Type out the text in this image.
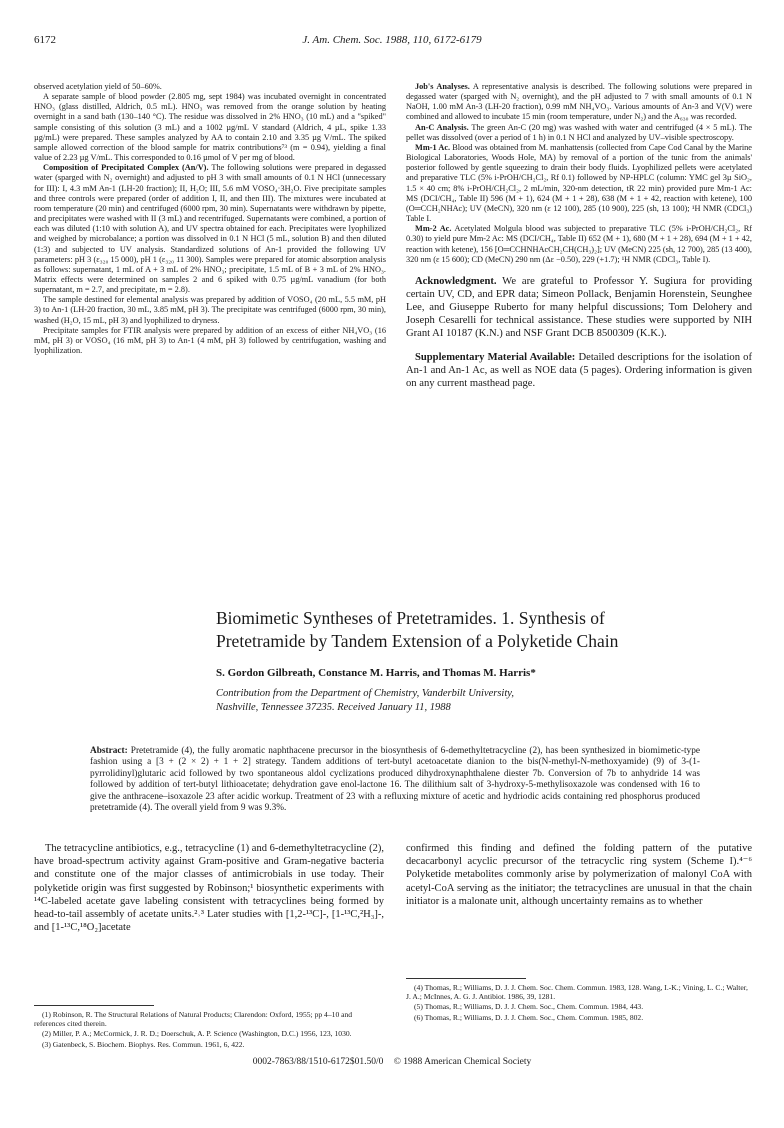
6172	J. Am. Chem. Soc. 1988, 110, 6172-6179

observed acetylation yield of 50–60%.

A separate sample of blood powder (2.805 mg, sept 1984) was incubated overnight in concentrated HNO₃ (glass distilled, Aldrich, 0.5 mL). HNO₃ was removed from the orange solution by heating overnight in a sand bath (130–140 °C). The residue was dissolved in 2% HNO₃ (10 mL) and a "spiked" sample consisting of this solution (3 mL) and a 1002 µg/mL V standard (Aldrich, 4 µL, spike 1.33 µg/mL) were prepared. These samples analyzed by AA to contain 2.10 and 3.35 µg V/mL. The spiked sample allowed correction of the blood sample for matrix contributions⁷³ (m = 0.94), yielding a final value of 2.23 µg V/mL. This corresponded to 0.16 µmol of V per mg of blood.

Composition of Precipitated Complex (An/V). The following solutions were prepared in degassed water (sparged with N₂ overnight) and adjusted to pH 3 with small amounts of 0.1 N HCl (unnecessary for III): I, 4.3 mM An-1 (LH-20 fraction); II, H₂O; III, 5.6 mM VOSO₄·3H₂O. Five precipitate samples and three controls were prepared (order of addition I, II, and then III). The mixtures were incubated at room temperature (20 min) and centrifuged (6000 rpm, 30 min). Supernatants were withdrawn by pipette, and precipitates were washed with II (3 mL) and recentrifuged. Supernatants were combined, a portion of each was diluted (1:10 with solution A), and UV spectra obtained for each. Precipitates were lyophilized and weighed by microbalance; a portion was dissolved in 0.1 N HCl (5 mL, solution B) and then diluted (1:3) and subjected to UV analysis. Standardized solutions of An-1 provided the following UV parameters: pH 3 (ε₃₂₀ 15 000), pH 1 (ε₃₂₀ 11 300). Samples were prepared for atomic absorption analysis as follows: supernatant, 1 mL of A + 3 mL of 2% HNO₃; precipitate, 1.5 mL of B + 3 mL of 2% HNO₃. Matrix effects were determined on samples 2 and 6 spiked with 0.75 µg/mL vanadium (for both supernatant, m = 2.7, and precipitate, m = 2.8).

The sample destined for elemental analysis was prepared by addition of VOSO₄ (20 mL, 5.5 mM, pH 3) to An-1 (LH-20 fraction, 30 mL, 3.85 mM, pH 3). The precipitate was centrifuged (6000 rpm, 30 min), washed (H₂O, 15 mL, pH 3) and lyophilized to dryness.

Precipitate samples for FTIR analysis were prepared by addition of an excess of either NH₄VO₃ (16 mM, pH 3) or VOSO₄ (16 mM, pH 3) to An-1 (4 mM, pH 3) followed by centrifugation, washing and lyophilization.

Job's Analyses. A representative analysis is described. The following solutions were prepared in degassed water (sparged with N₂ overnight), and the pH adjusted to 7 with small amounts of 0.1 N NaOH, 1.00 mM An-3 (LH-20 fraction), 0.99 mM NH₄VO₃. Various amounts of An-3 and V(V) were combined and allowed to incubate 15 min (room temperature, under N₂) and the A₆₃₀ was recorded.

An-C Analysis. The green An-C (20 mg) was washed with water and centrifuged (4 × 5 mL). The pellet was dissolved (over a period of 1 h) in 0.1 N HCl and analyzed by UV–visible spectroscopy.

Mm-1 Ac. Blood was obtained from M. manhattensis (collected from Cape Cod Canal by the Marine Biological Laboratories, Woods Hole, MA) by removal of a portion of the tunic from the animals' posterior followed by gentle squeezing to drain their body fluids. Lyophilized pellets were acetylated and preparative TLC (5% i-PrOH/CH₂Cl₂, Rf 0.1) followed by NP-HPLC (column: YMC gel 3µ SiO₂, 1.5 × 40 cm; 8% i-PrOH/CH₂Cl₂, 2 mL/min, 320-nm detection, tR 22 min) provided pure Mm-1 Ac: MS (DCI/CH₄, Table II) 596 (M + 1), 624 (M + 1 + 28), 638 (M + 1 + 42, reaction with ketene), 100 (O═CCH₂NHAc); UV (MeCN), 320 nm (ε 12 100), 285 (10 900), 225 (sh, 13 100); ¹H NMR (CDCl₃) Table I.

Mm-2 Ac. Acetylated Molgula blood was subjected to preparative TLC (5% i-PrOH/CH₂Cl₂, Rf 0.30) to yield pure Mm-2 Ac: MS (DCI/CH₄, Table II) 652 (M + 1), 680 (M + 1 + 28), 694 (M + 1 + 42, reaction with ketene), 156 [O═CCHNHAcCH₂CH(CH₃)₂]; UV (MeCN) 225 (sh, 12 700), 285 (13 400), 320 nm (ε 15 600); CD (MeCN) 290 nm (Δε −0.50), 229 (+1.7); ¹H NMR (CDCl₃, Table I).

Acknowledgment. We are grateful to Professor Y. Sugiura for providing certain UV, CD, and EPR data; Simeon Pollack, Benjamin Horenstein, Seunghee Lee, and Giuseppe Ruberto for many helpful discussions; Tom Delohery and Joseph Cesarelli for technical assistance. These studies were supported by NIH Grant AI 10187 (K.N.) and NSF Grant DCB 8500309 (K.K.).

Supplementary Material Available: Detailed descriptions for the isolation of An-1 and An-1 Ac, as well as NOE data (5 pages). Ordering information is given on any current masthead page.

Biomimetic Syntheses of Pretetramides. 1. Synthesis of
Pretetramide by Tandem Extension of a Polyketide Chain
S. Gordon Gilbreath, Constance M. Harris, and Thomas M. Harris*
Contribution from the Department of Chemistry, Vanderbilt University,
Nashville, Tennessee 37235. Received January 11, 1988
Abstract: Pretetramide (4), the fully aromatic naphthacene precursor in the biosynthesis of 6-demethyltetracycline (2), has been synthesized in biomimetic-type fashion using a [3 + (2 × 2) + 1 + 2] strategy. Tandem additions of tert-butyl acetoacetate dianion to the bis(N-methyl-N-methoxyamide) (9) of 3-(1-pyrrolidinyl)glutaric acid followed by two spontaneous aldol cyclizations produced dihydroxynaphthalene diester 7b. Conversion of 7b to anhydride 14 was followed by addition of tert-butyl lithioacetate; dehydration gave enol-lactone 16. The dilithium salt of 3-hydroxy-5-methylisoxazole was condensed with 16 to give the anthracene–isoxazole 23 after acidic workup. Treatment of 23 with a refluxing mixture of acetic and hydriodic acids containing red phosphorus produced pretetramide (4). The overall yield from 9 was 9.3%.

The tetracycline antibiotics, e.g., tetracycline (1) and 6-demethyltetracycline (2), have broad-spectrum activity against Gram-positive and Gram-negative bacteria and constitute one of the major classes of antimicrobials in use today. Their polyketide origin was first suggested by Robinson;¹ biosynthetic experiments with ¹⁴C-labeled acetate gave labeling consistent with tetracyclines being formed by head-to-tail assembly of acetate units.²˒³ Later studies with [1,2-¹³C]-, [1-¹³C,²H₃]-, and [1-¹³C,¹⁸O₂]acetate

confirmed this finding and defined the folding pattern of the putative decacarbonyl acyclic precursor of the tetracyclic ring system (Scheme I).⁴⁻⁶ Polyketide metabolites commonly arise by polymerization of malonyl CoA with acetyl-CoA serving as the initiator; the tetracyclines are unusual in that the chain initiator is a malonate unit, although uncertainty remains as to whether

(1) Robinson, R. The Structural Relations of Natural Products; Clarendon: Oxford, 1955; pp 4–10 and references cited therein.

(2) Miller, P. A.; McCormick, J. R. D.; Doerschuk, A. P. Science (Washington, D.C.) 1956, 123, 1030.

(3) Gatenbeck, S. Biochem. Biophys. Res. Commun. 1961, 6, 422.

(4) Thomas, R.; Williams, D. J. J. Chem. Soc. Chem. Commun. 1983, 128. Wang, I.-K.; Vining, L. C.; Walter, J. A.; McInnes, A. G. J. Antibiot. 1986, 39, 1281.

(5) Thomas, R.; Williams, D. J. J. Chem. Soc., Chem. Commun. 1984, 443.

(6) Thomas, R.; Williams, D. J. J. Chem. Soc., Chem. Commun. 1985, 802.

0002-7863/88/1510-6172$01.50/0 © 1988 American Chemical Society
